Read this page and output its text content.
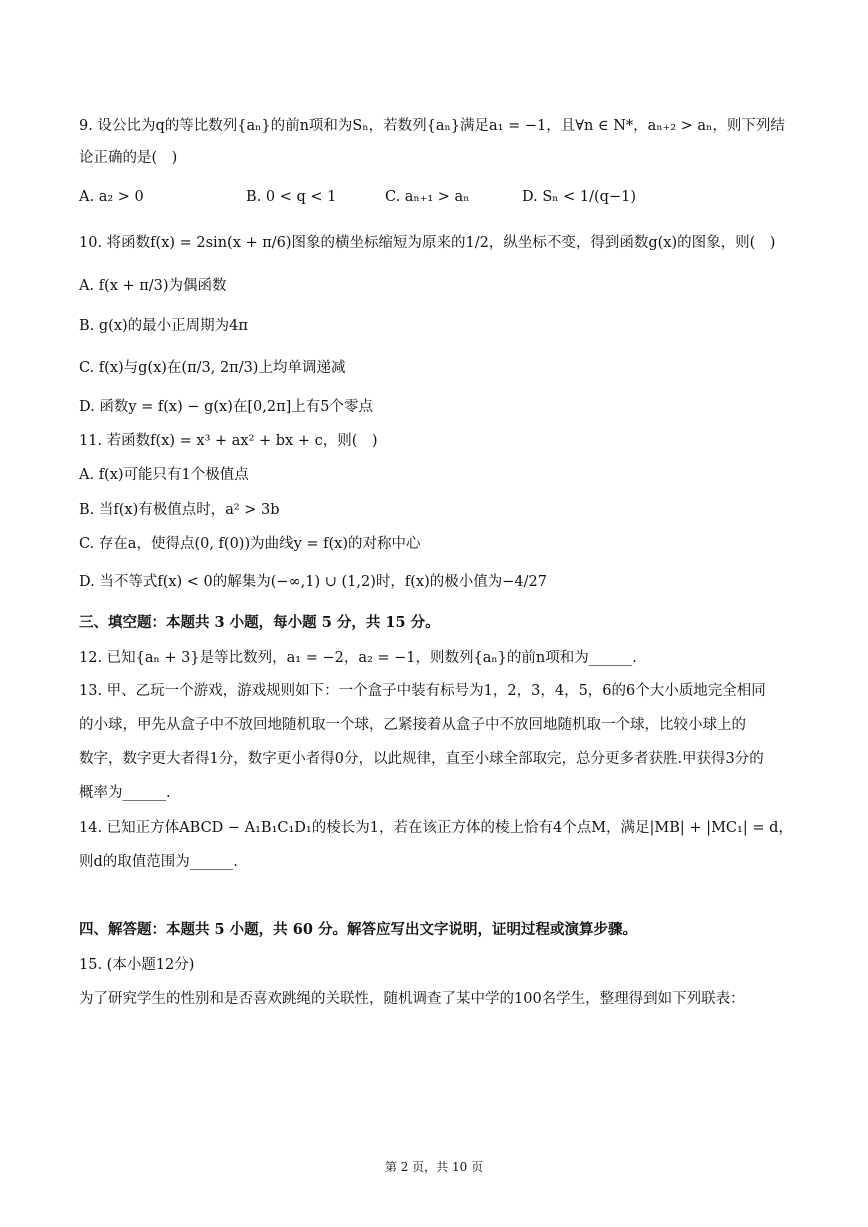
9. 设公比为q的等比数列{aₙ}的前n项和为Sₙ，若数列{aₙ}满足a₁ = −1，且∀n ∈ N*，aₙ₊₂ > aₙ，则下列结
论正确的是(　)
A. a₂ > 0	B. 0 < q < 1	C. aₙ₊₁ > aₙ	D. Sₙ < 1/(q−1)
10. 将函数f(x) = 2sin(x + π/6)图象的横坐标缩短为原来的1/2，纵坐标不变，得到函数g(x)的图象，则(　)
A. f(x + π/3)为偶函数
B. g(x)的最小正周期为4π
C. f(x)与g(x)在(π/3, 2π/3)上均单调递减
D. 函数y = f(x) − g(x)在[0,2π]上有5个零点
11. 若函数f(x) = x³ + ax² + bx + c，则(　)
A. f(x)可能只有1个极值点
B. 当f(x)有极值点时，a² > 3b
C. 存在a，使得点(0, f(0))为曲线y = f(x)的对称中心
D. 当不等式f(x) < 0的解集为(−∞,1) ∪ (1,2)时，f(x)的极小值为−4/27
三、填空题：本题共 3 小题，每小题 5 分，共 15 分。
12. 已知{aₙ + 3}是等比数列，a₁ = −2，a₂ = −1，则数列{aₙ}的前n项和为______.
13. 甲、乙玩一个游戏，游戏规则如下：一个盒子中装有标号为1，2，3，4，5，6的6个大小质地完全相同
的小球，甲先从盒子中不放回地随机取一个球，乙紧接着从盒子中不放回地随机取一个球，比较小球上的
数字，数字更大者得1分，数字更小者得0分，以此规律，直至小球全部取完，总分更多者获胜.甲获得3分的
概率为______.
14. 已知正方体ABCD − A₁B₁C₁D₁的棱长为1，若在该正方体的棱上恰有4个点M，满足|MB| + |MC₁| = d，
则d的取值范围为______.
四、解答题：本题共 5 小题，共 60 分。解答应写出文字说明，证明过程或演算步骤。
15. (本小题12分)
为了研究学生的性别和是否喜欢跳绳的关联性，随机调查了某中学的100名学生，整理得到如下列联表：
第 2 页，共 10 页
